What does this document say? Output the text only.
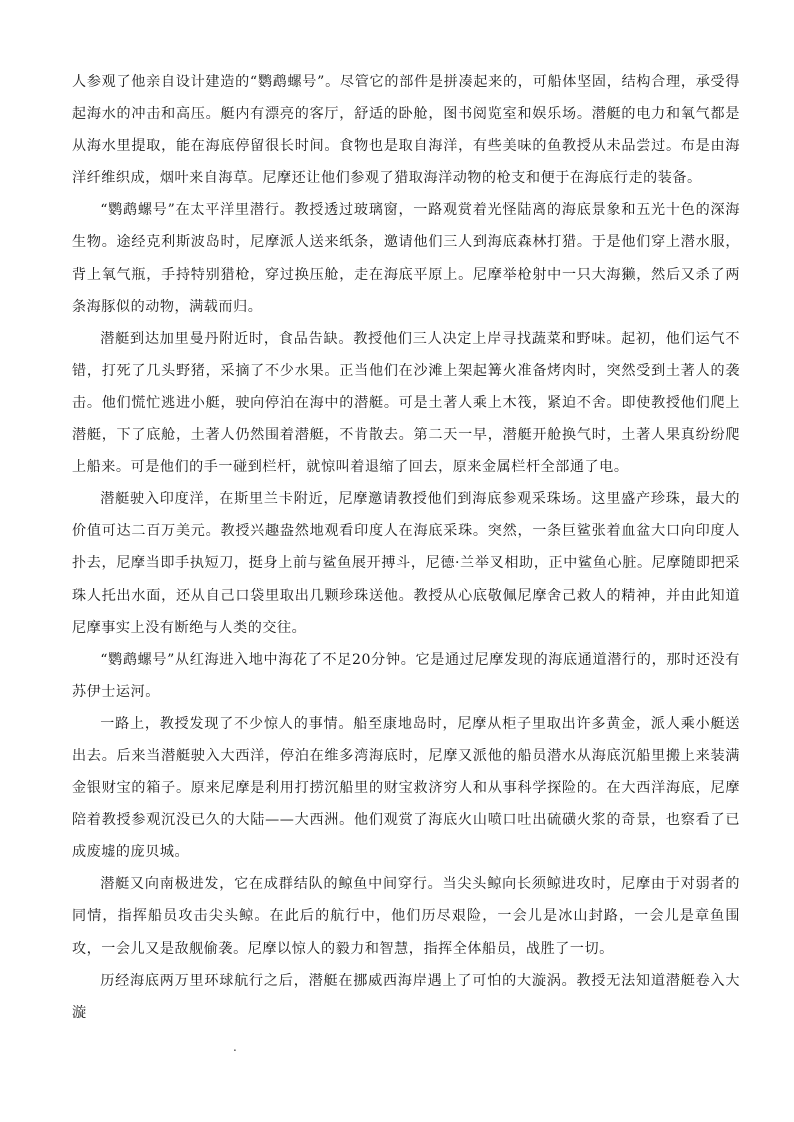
人参观了他亲自设计建造的“鹦鹉螺号”。尽管它的部件是拼凑起来的，可船体坚固，结构合理，承受得起海水的冲击和高压。艇内有漂亮的客厅，舒适的卧舱，图书阅览室和娱乐场。潜艇的电力和氧气都是从海水里提取，能在海底停留很长时间。食物也是取自海洋，有些美味的鱼教授从未品尝过。布是由海洋纤维织成，烟叶来自海草。尼摩还让他们参观了猎取海洋动物的枪支和便于在海底行走的装备。

“鹦鹉螺号”在太平洋里潜行。教授透过玻璃窗，一路观赏着光怪陆离的海底景象和五光十色的深海生物。途经克利斯波岛时，尼摩派人送来纸条，邀请他们三人到海底森林打猎。于是他们穿上潜水服，背上氧气瓶，手持特别猎枪，穿过换压舱，走在海底平原上。尼摩举枪射中一只大海獭，然后又杀了两条海豚似的动物，满载而归。

潜艇到达加里曼丹附近时，食品告缺。教授他们三人决定上岸寻找蔬菜和野味。起初，他们运气不错，打死了几头野猪，采摘了不少水果。正当他们在沙滩上架起篝火准备烤肉时，突然受到土著人的袭击。他们慌忙逃进小艇，驶向停泊在海中的潜艇。可是土著人乘上木筏，紧迫不舍。即使教授他们爬上潜艇，下了底舱，土著人仍然围着潜艇，不肯散去。第二天一早，潜艇开舱换气时，土著人果真纷纷爬上船来。可是他们的手一碰到栏杆，就惊叫着退缩了回去，原来金属栏杆全部通了电。

潜艇驶入印度洋，在斯里兰卡附近，尼摩邀请教授他们到海底参观采珠场。这里盛产珍珠，最大的价值可达二百万美元。教授兴趣盎然地观看印度人在海底采珠。突然，一条巨鲨张着血盆大口向印度人扑去，尼摩当即手执短刀，挺身上前与鲨鱼展开搏斗，尼德·兰举叉相助，正中鲨鱼心脏。尼摩随即把采珠人托出水面，还从自己口袋里取出几颗珍珠送他。教授从心底敬佩尼摩舍己救人的精神，并由此知道尼摩事实上没有断绝与人类的交往。

“鹦鹉螺号”从红海进入地中海花了不足20分钟。它是通过尼摩发现的海底通道潜行的，那时还没有苏伊士运河。

一路上，教授发现了不少惊人的事情。船至康地岛时，尼摩从柜子里取出许多黄金，派人乘小艇送出去。后来当潜艇驶入大西洋，停泊在维多湾海底时，尼摩又派他的船员潜水从海底沉船里搬上来装满金银财宝的箱子。原来尼摩是利用打捞沉船里的财宝救济穷人和从事科学探险的。在大西洋海底，尼摩陪着教授参观沉没已久的大陆——大西洲。他们观赏了海底火山喷口吐出硫磺火浆的奇景，也察看了已成废墟的庞贝城。

潜艇又向南极进发，它在成群结队的鲸鱼中间穿行。当尖头鲸向长须鲸进攻时，尼摩由于对弱者的同情，指挥船员攻击尖头鲸。在此后的航行中，他们历尽艰险，一会儿是冰山封路，一会儿是章鱼围攻，一会儿又是敌舰偷袭。尼摩以惊人的毅力和智慧，指挥全体船员，战胜了一切。

历经海底两万里环球航行之后，潜艇在挪威西海岸遇上了可怕的大漩涡。教授无法知道潜艇卷入大漩

.
